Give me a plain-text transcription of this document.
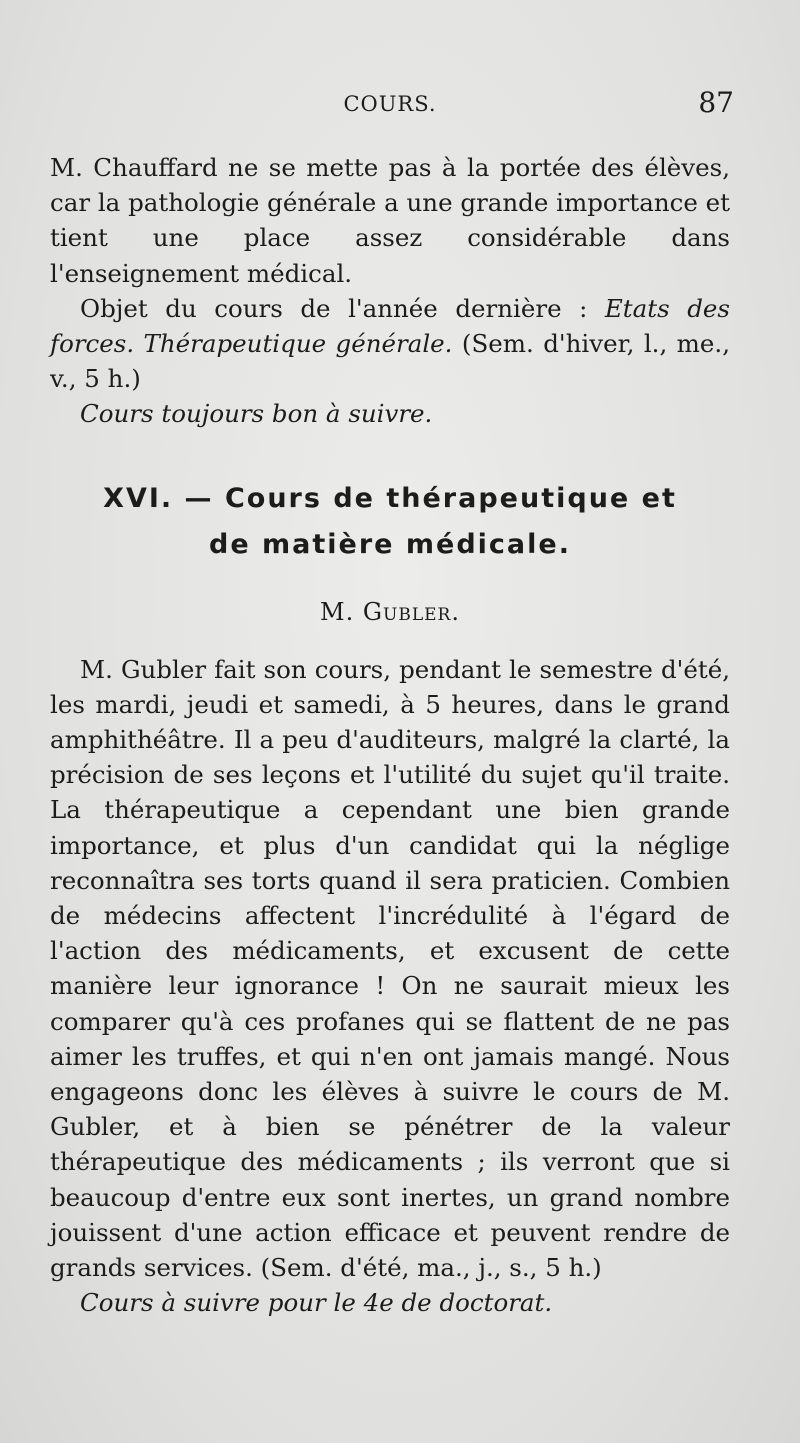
COURS.	87

M. Chauffard ne se mette pas à la portée des élèves, car la pathologie générale a une grande importance et tient une place assez considérable dans l'enseignement médical.

Objet du cours de l'année dernière : Etats des forces. Thérapeutique générale. (Sem. d'hiver, l., me., v., 5 h.)

Cours toujours bon à suivre.

XVI. — Cours de thérapeutique et
de matière médicale.
M. Gubler.

M. Gubler fait son cours, pendant le semestre d'été, les mardi, jeudi et samedi, à 5 heures, dans le grand amphithéâtre. Il a peu d'auditeurs, malgré la clarté, la précision de ses leçons et l'utilité du sujet qu'il traite. La thérapeutique a cependant une bien grande importance, et plus d'un candidat qui la néglige reconnaîtra ses torts quand il sera praticien. Combien de médecins affectent l'incrédulité à l'égard de l'action des médicaments, et excusent de cette manière leur ignorance ! On ne saurait mieux les comparer qu'à ces profanes qui se flattent de ne pas aimer les truffes, et qui n'en ont jamais mangé. Nous engageons donc les élèves à suivre le cours de M. Gubler, et à bien se pénétrer de la valeur thérapeutique des médicaments ; ils verront que si beaucoup d'entre eux sont inertes, un grand nombre jouissent d'une action efficace et peuvent rendre de grands services. (Sem. d'été, ma., j., s., 5 h.)

Cours à suivre pour le 4e de doctorat.
